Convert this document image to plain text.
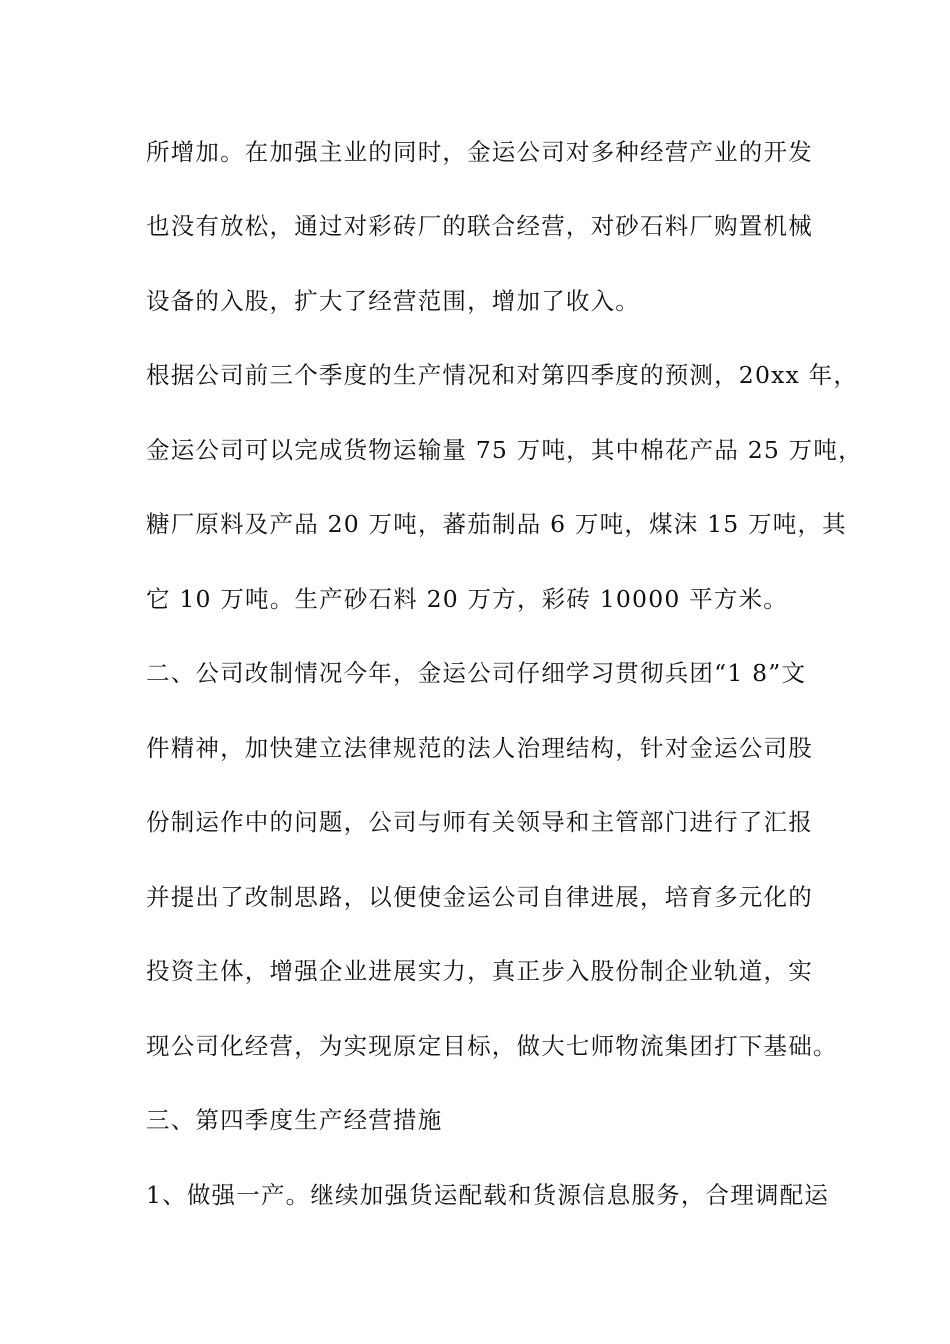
所增加。在加强主业的同时，金运公司对多种经营产业的开发
也没有放松，通过对彩砖厂的联合经营，对砂石料厂购置机械
设备的入股，扩大了经营范围，增加了收入。
根据公司前三个季度的生产情况和对第四季度的预测，20xx 年，
金运公司可以完成货物运输量 75 万吨，其中棉花产品 25 万吨，
糖厂原料及产品 20 万吨，蕃茄制品 6 万吨，煤沫 15 万吨，其
它 10 万吨。生产砂石料 20 万方，彩砖 10000 平方米。
二、公司改制情况今年，金运公司仔细学习贯彻兵团“1 8”文
件精神，加快建立法律规范的法人治理结构，针对金运公司股
份制运作中的问题，公司与师有关领导和主管部门进行了汇报
并提出了改制思路，以便使金运公司自律进展，培育多元化的
投资主体，增强企业进展实力，真正步入股份制企业轨道，实
现公司化经营，为实现原定目标，做大七师物流集团打下基础。
三、第四季度生产经营措施
1、做强一产。继续加强货运配载和货源信息服务，合理调配运
